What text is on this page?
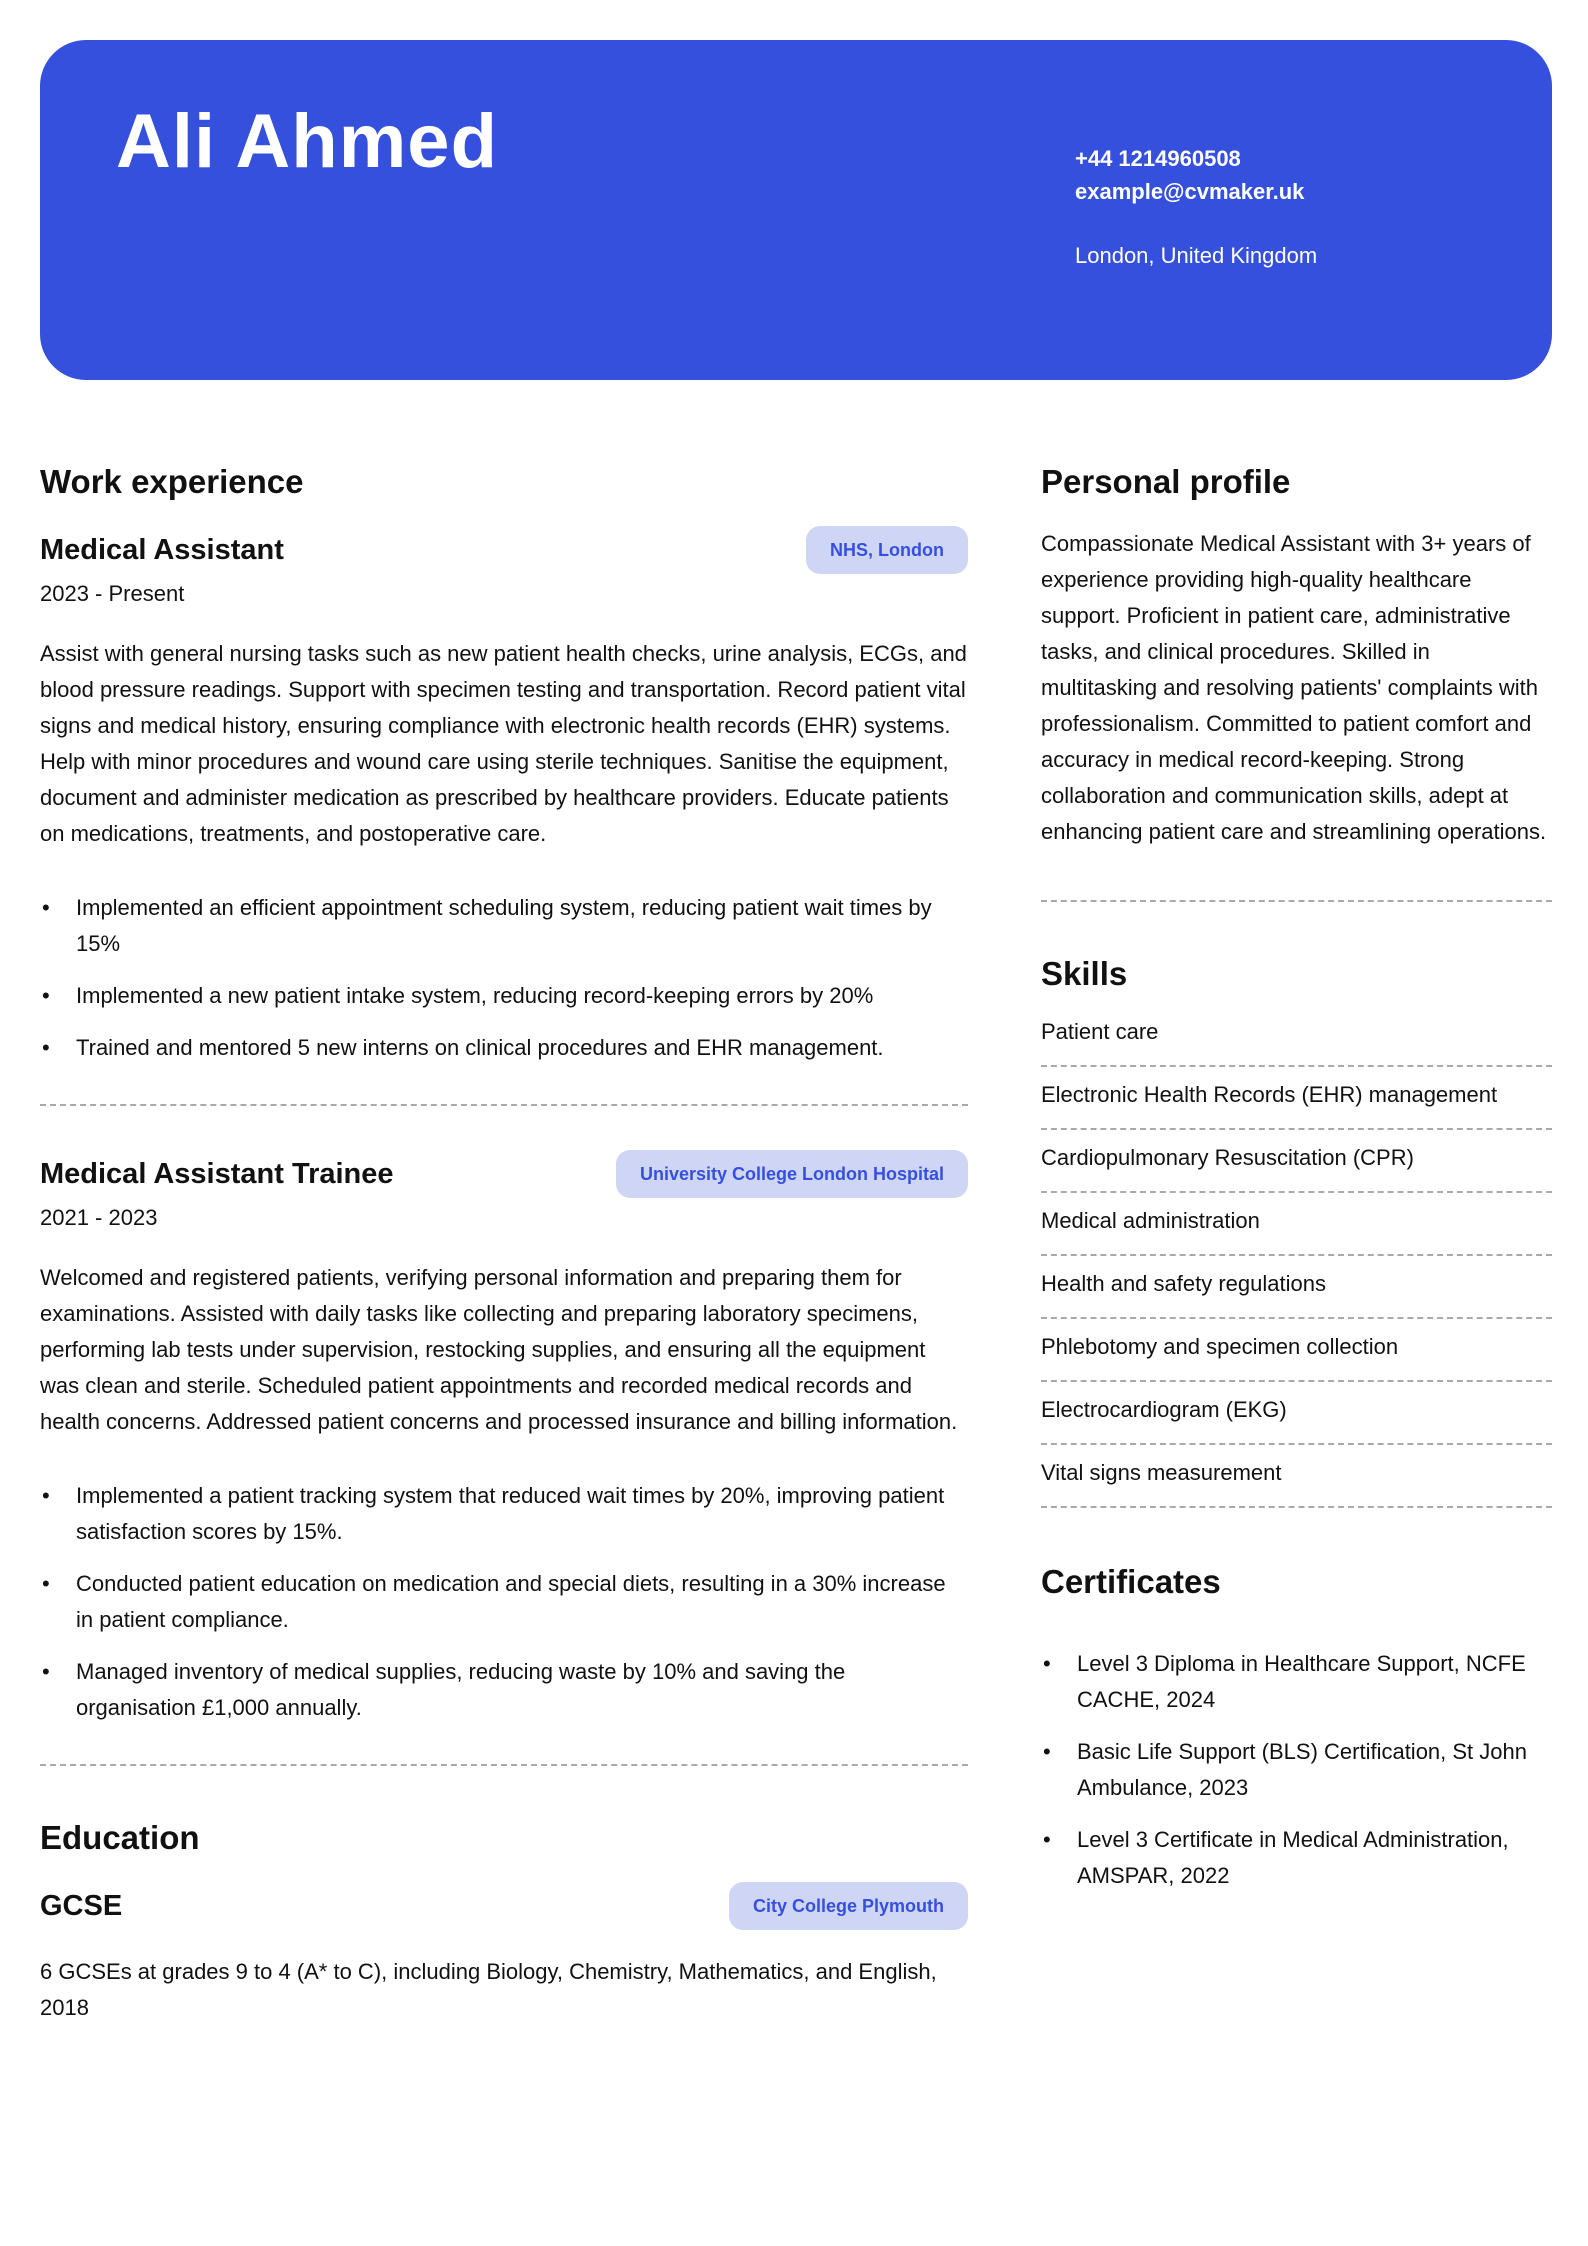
Ali Ahmed	+44 1214960508
example@cvmaker.uk
London, United Kingdom
Work experience
Medical Assistant	NHS, London
2023 - Present

Assist with general nursing tasks such as new patient health checks, urine analysis, ECGs, and blood pressure readings. Support with specimen testing and transportation. Record patient vital signs and medical history, ensuring compliance with electronic health records (EHR) systems. Help with minor procedures and wound care using sterile techniques. Sanitise the equipment, document and administer medication as prescribed by healthcare providers. Educate patients on medications, treatments, and postoperative care.

• Implemented an efficient appointment scheduling system, reducing patient wait times by 15%
• Implemented a new patient intake system, reducing record-keeping errors by 20%
• Trained and mentored 5 new interns on clinical procedures and EHR management.
Medical Assistant Trainee	University College London Hospital
2021 - 2023

Welcomed and registered patients, verifying personal information and preparing them for examinations. Assisted with daily tasks like collecting and preparing laboratory specimens, performing lab tests under supervision, restocking supplies, and ensuring all the equipment was clean and sterile. Scheduled patient appointments and recorded medical records and health concerns. Addressed patient concerns and processed insurance and billing information.

• Implemented a patient tracking system that reduced wait times by 20%, improving patient satisfaction scores by 15%.
• Conducted patient education on medication and special diets, resulting in a 30% increase in patient compliance.
• Managed inventory of medical supplies, reducing waste by 10% and saving the organisation £1,000 annually.
Education
GCSE	City College Plymouth

6 GCSEs at grades 9 to 4 (A* to C), including Biology, Chemistry, Mathematics, and English, 2018

Personal profile

Compassionate Medical Assistant with 3+ years of experience providing high-quality healthcare support. Proficient in patient care, administrative tasks, and clinical procedures. Skilled in multitasking and resolving patients' complaints with professionalism. Committed to patient comfort and accuracy in medical record-keeping. Strong collaboration and communication skills, adept at enhancing patient care and streamlining operations.

Skills
Patient care
Electronic Health Records (EHR) management
Cardiopulmonary Resuscitation (CPR)
Medical administration
Health and safety regulations
Phlebotomy and specimen collection
Electrocardiogram (EKG)
Vital signs measurement
Certificates
• Level 3 Diploma in Healthcare Support, NCFE CACHE, 2024
• Basic Life Support (BLS) Certification, St John Ambulance, 2023
• Level 3 Certificate in Medical Administration, AMSPAR, 2022
